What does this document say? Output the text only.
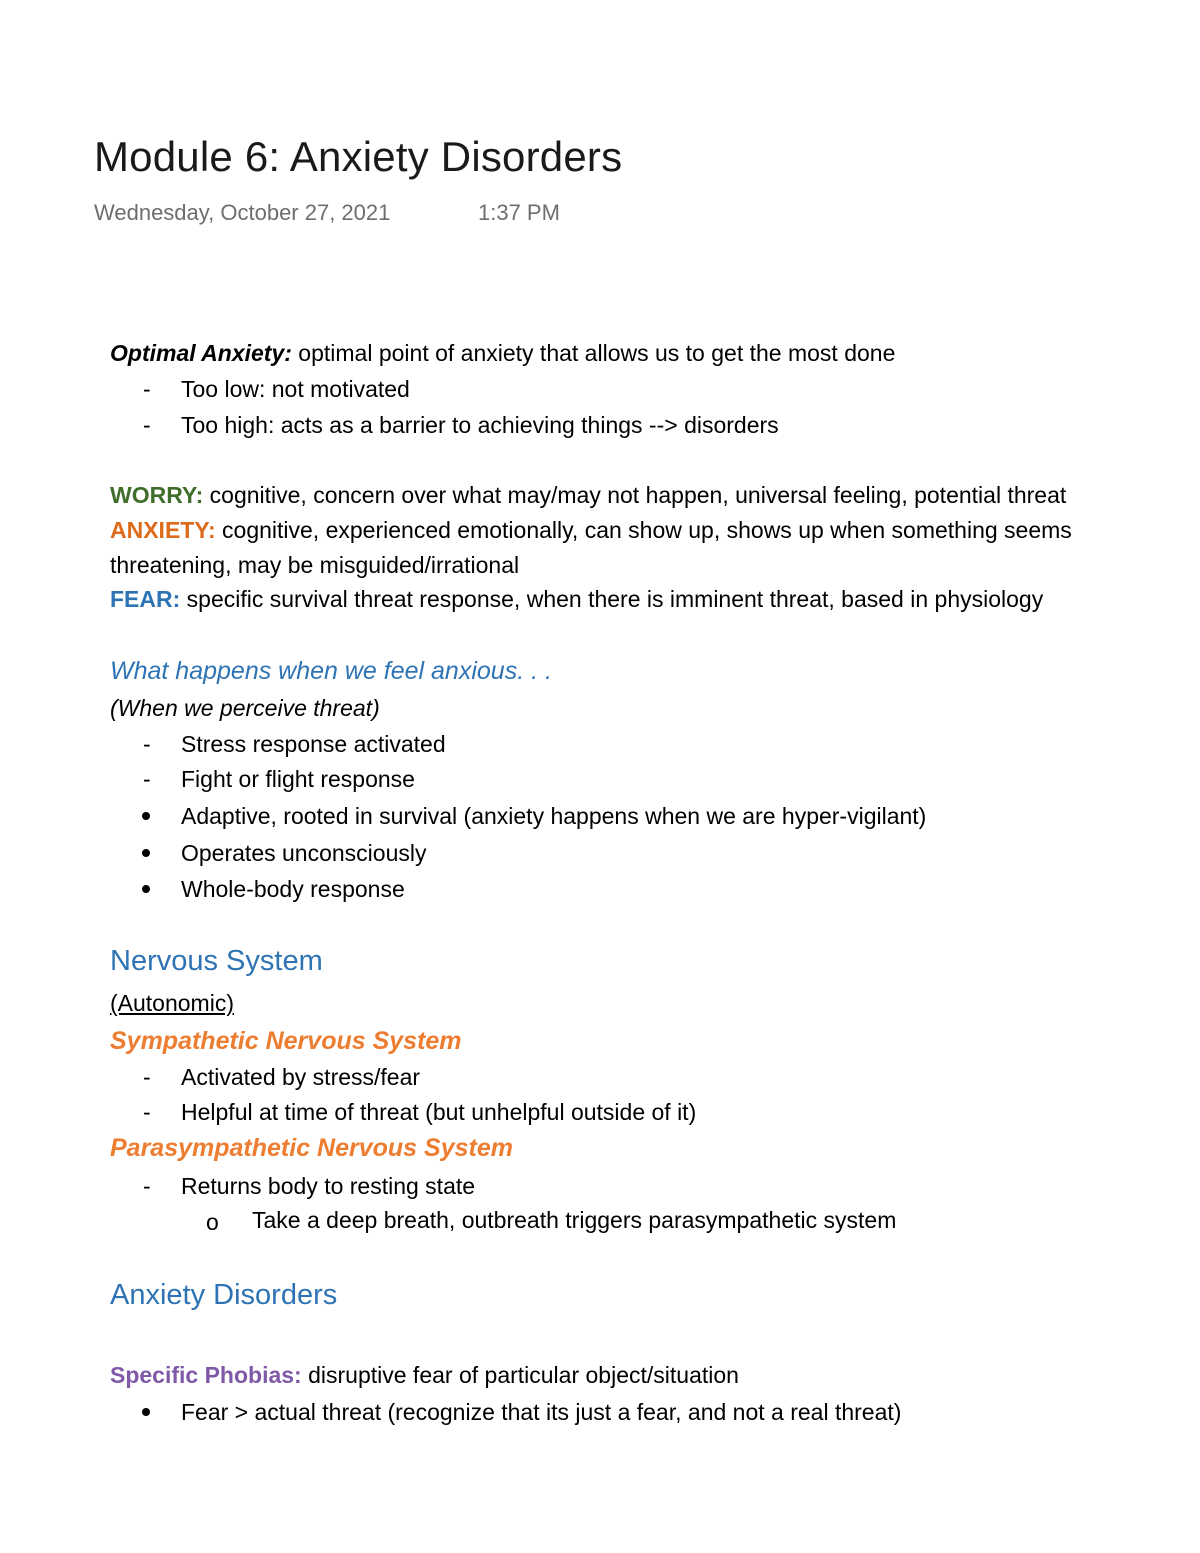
Module 6: Anxiety Disorders
Wednesday, October 27, 2021	1:37 PM
Optimal Anxiety: optimal point of anxiety that allows us to get the most done
- Too low: not motivated
- Too high: acts as a barrier to achieving things --> disorders
WORRY: cognitive, concern over what may/may not happen, universal feeling, potential threat
ANXIETY: cognitive, experienced emotionally, can show up, shows up when something seems
threatening, may be misguided/irrational
FEAR: specific survival threat response, when there is imminent threat, based in physiology
What happens when we feel anxious. . .
(When we perceive threat)
- Stress response activated
- Fight or flight response
Adaptive, rooted in survival (anxiety happens when we are hyper-vigilant)
Operates unconsciously
Whole-body response
Nervous System
(Autonomic)
Sympathetic Nervous System
- Activated by stress/fear
- Helpful at time of threat (but unhelpful outside of it)
Parasympathetic Nervous System
- Returns body to resting state
o Take a deep breath, outbreath triggers parasympathetic system
Anxiety Disorders
Specific Phobias: disruptive fear of particular object/situation
Fear > actual threat (recognize that its just a fear, and not a real threat)
